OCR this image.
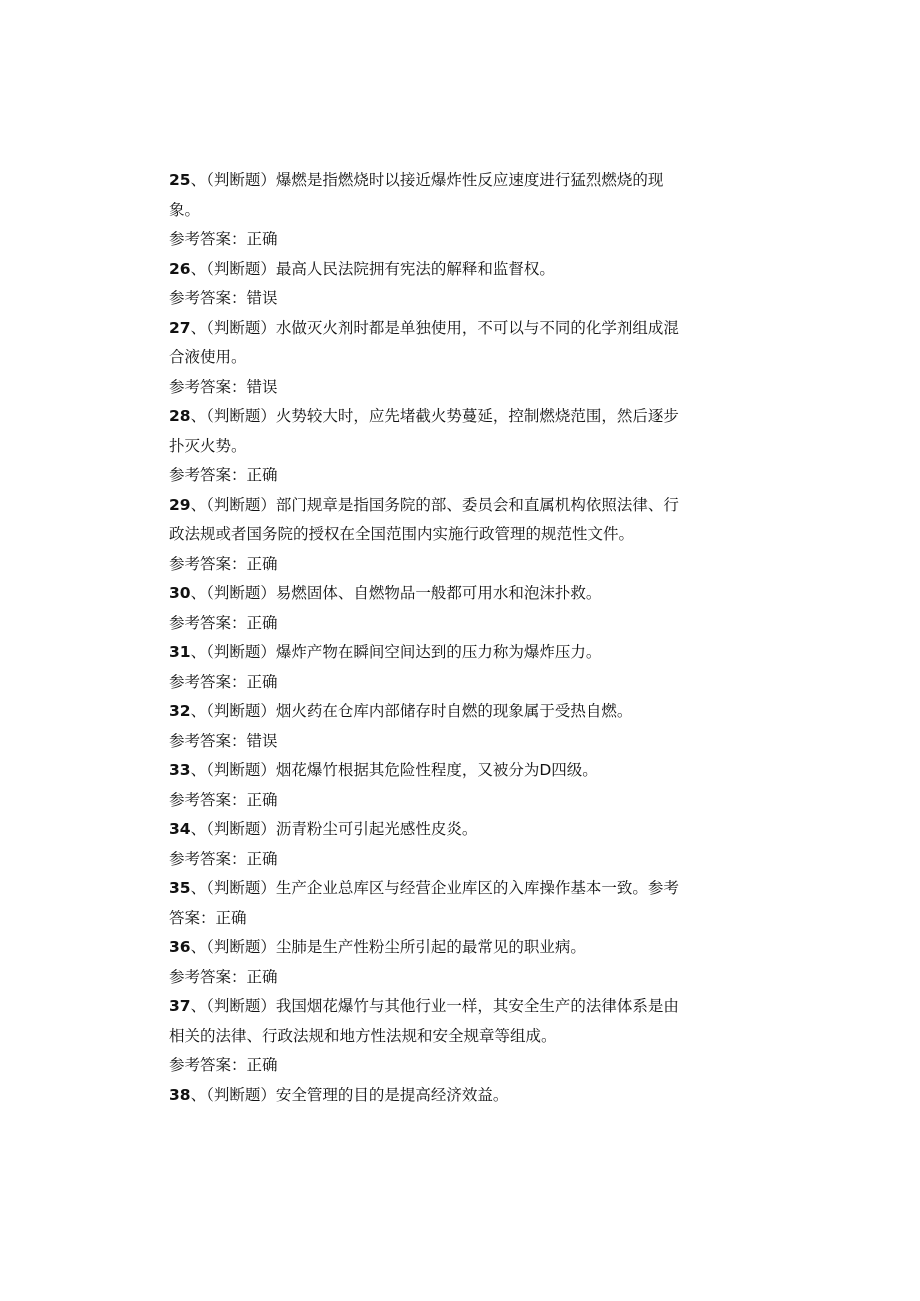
25、（判断题）爆燃是指燃烧时以接近爆炸性反应速度进行猛烈燃烧的现
象。
参考答案：正确
26、（判断题）最高人民法院拥有宪法的解释和监督权。
参考答案：错误
27、（判断题）水做灭火剂时都是单独使用，不可以与不同的化学剂组成混
合液使用。
参考答案：错误
28、（判断题）火势较大时，应先堵截火势蔓延，控制燃烧范围，然后逐步
扑灭火势。
参考答案：正确
29、（判断题）部门规章是指国务院的部、委员会和直属机构依照法律、行
政法规或者国务院的授权在全国范围内实施行政管理的规范性文件。
参考答案：正确
30、（判断题）易燃固体、自燃物品一般都可用水和泡沫扑救。
参考答案：正确
31、（判断题）爆炸产物在瞬间空间达到的压力称为爆炸压力。
参考答案：正确
32、（判断题）烟火药在仓库内部储存时自燃的现象属于受热自燃。
参考答案：错误
33、（判断题）烟花爆竹根据其危险性程度，又被分为D四级。
参考答案：正确
34、（判断题）沥青粉尘可引起光感性皮炎。
参考答案：正确
35、（判断题）生产企业总库区与经营企业库区的入库操作基本一致。参考
答案：正确
36、（判断题）尘肺是生产性粉尘所引起的最常见的职业病。
参考答案：正确
37、（判断题）我国烟花爆竹与其他行业一样，其安全生产的法律体系是由
相关的法律、行政法规和地方性法规和安全规章等组成。
参考答案：正确
38、（判断题）安全管理的目的是提高经济效益。
